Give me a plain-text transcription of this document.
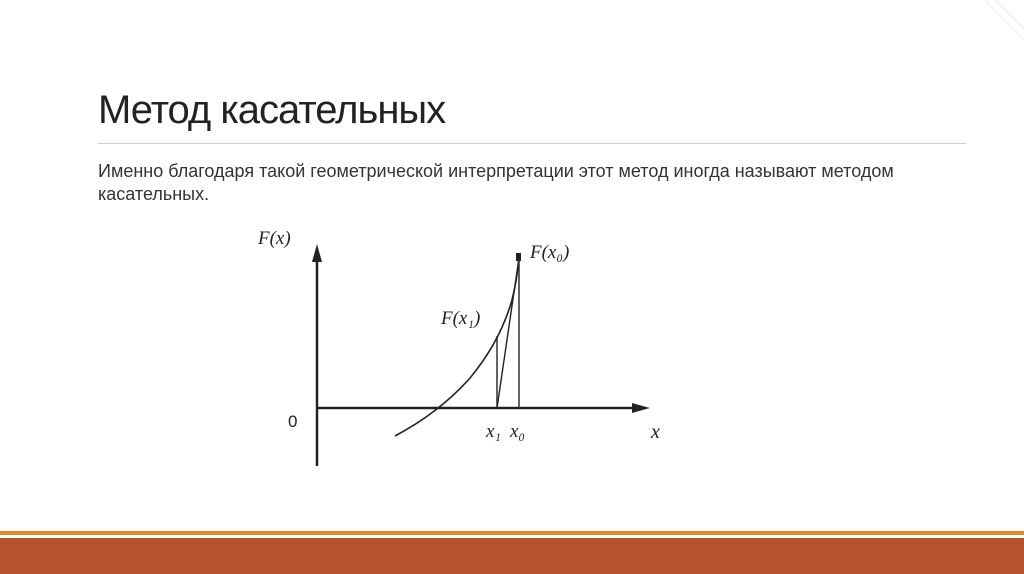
Метод касательных

Именно благодаря такой геометрической интерпретации этот метод иногда называют методом касательных.

F(x)
x
0
F(x₀)
F(x₁)
x₁ x₀
